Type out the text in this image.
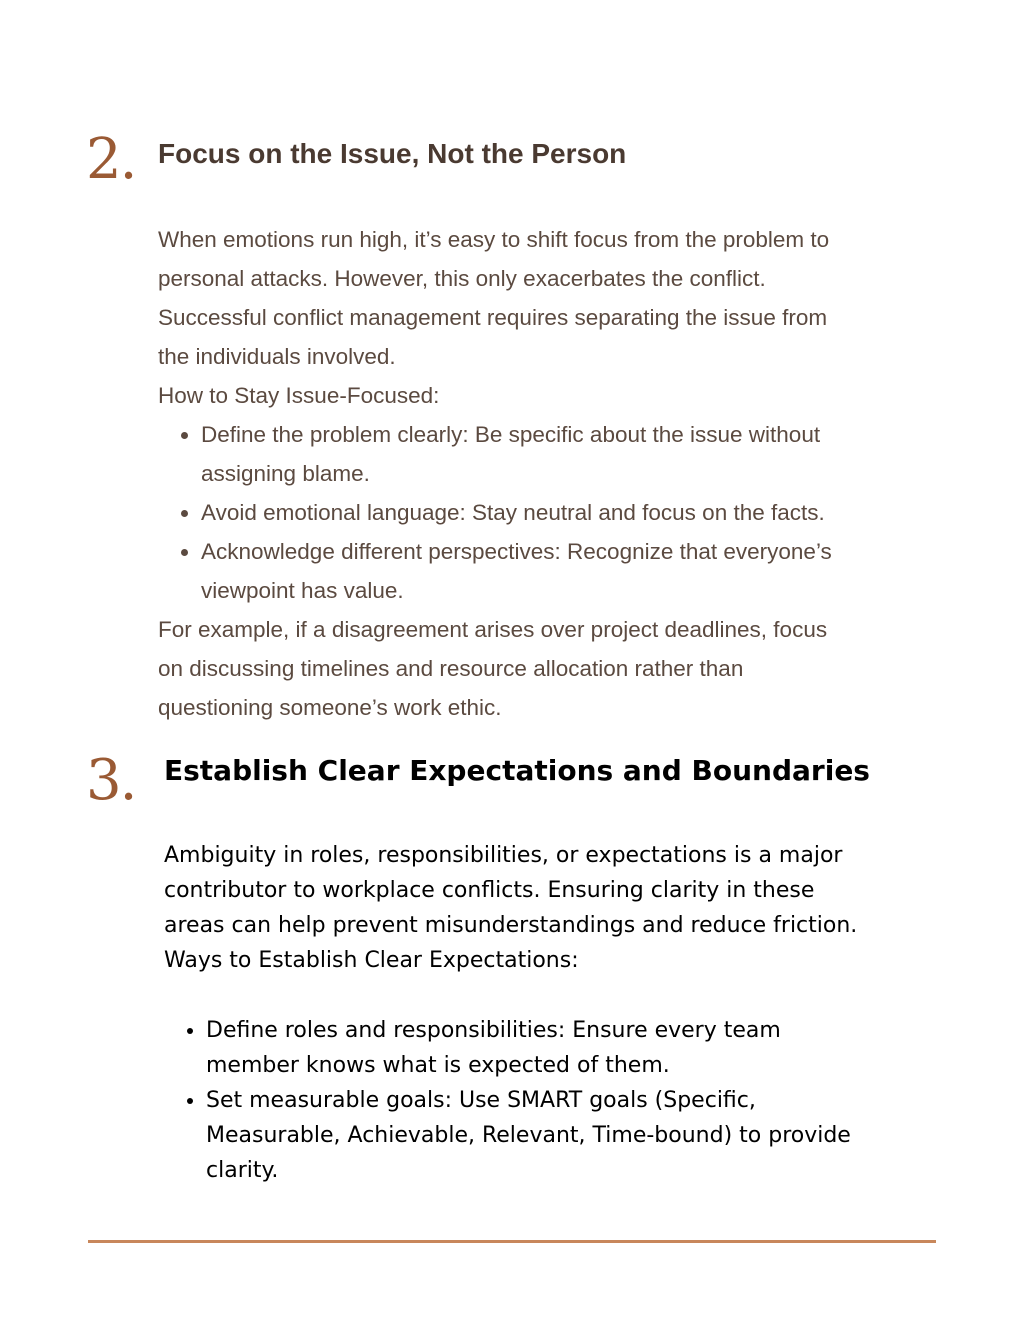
2. Focus on the Issue, Not the Person

When emotions run high, it’s easy to shift focus from the problem to
personal attacks. However, this only exacerbates the conflict.
Successful conflict management requires separating the issue from
the individuals involved.

How to Stay Issue-Focused:

• Define the problem clearly: Be specific about the issue without
assigning blame.
• Avoid emotional language: Stay neutral and focus on the facts.
• Acknowledge different perspectives: Recognize that everyone’s
viewpoint has value.

For example, if a disagreement arises over project deadlines, focus
on discussing timelines and resource allocation rather than
questioning someone’s work ethic.

3. Establish Clear Expectations and Boundaries

Ambiguity in roles, responsibilities, or expectations is a major
contributor to workplace conflicts. Ensuring clarity in these
areas can help prevent misunderstandings and reduce friction.
Ways to Establish Clear Expectations:

• Define roles and responsibilities: Ensure every team
member knows what is expected of them.
• Set measurable goals: Use SMART goals (Specific,
Measurable, Achievable, Relevant, Time-bound) to provide
clarity.
